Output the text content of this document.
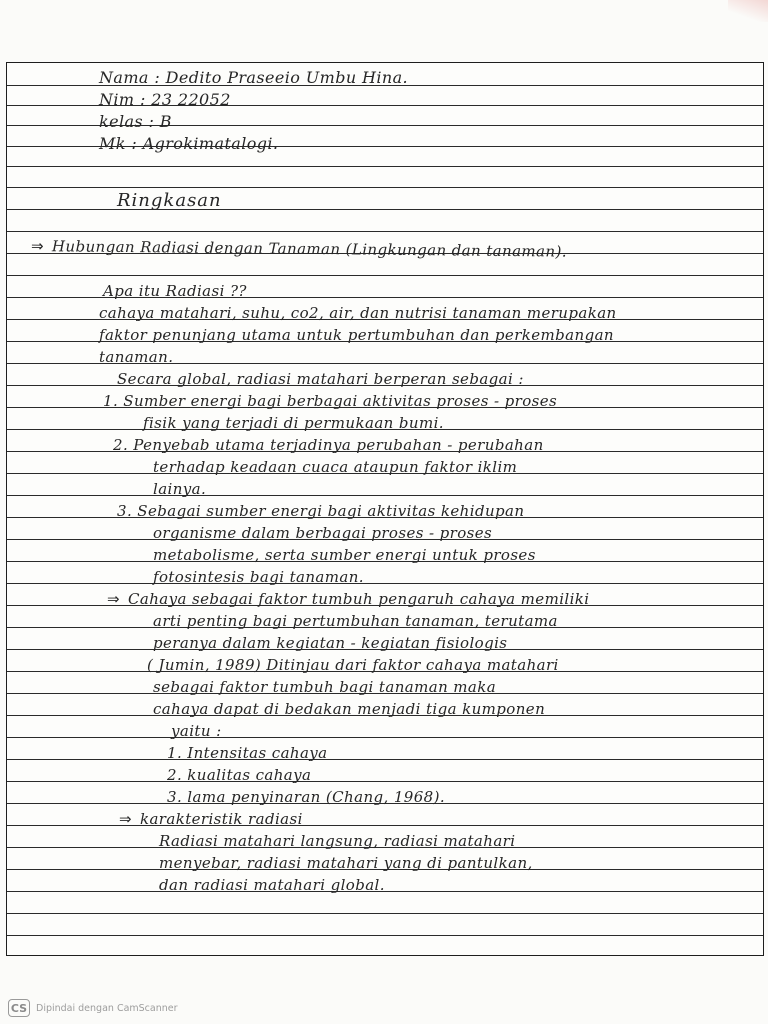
Nama : Dedito Praseeio Umbu Hina.
Nim : 23 22052
kelas : B
Mk : Agrokimatalogi.
Ringkasan
⇒ Hubungan Radiasi dengan Tanaman (Lingkungan dan tanaman).
Apa itu Radiasi ??
cahaya matahari, suhu, co2, air, dan nutrisi tanaman merupakan
faktor penunjang utama untuk pertumbuhan dan perkembangan
tanaman.
Secara global, radiasi matahari berperan sebagai :
1. Sumber energi bagi berbagai aktivitas proses - proses
fisik yang terjadi di permukaan bumi.
2. Penyebab utama terjadinya perubahan - perubahan
terhadap keadaan cuaca ataupun faktor iklim
lainya.
3. Sebagai sumber energi bagi aktivitas kehidupan
organisme dalam berbagai proses - proses
metabolisme, serta sumber energi untuk proses
fotosintesis bagi tanaman.
⇒ Cahaya sebagai faktor tumbuh pengaruh cahaya memiliki
arti penting bagi pertumbuhan tanaman, terutama
peranya dalam kegiatan - kegiatan fisiologis
( Jumin, 1989) Ditinjau dari faktor cahaya matahari
sebagai faktor tumbuh bagi tanaman maka
cahaya dapat di bedakan menjadi tiga kumponen
yaitu :
1. Intensitas cahaya
2. kualitas cahaya
3. lama penyinaran (Chang, 1968).
⇒ karakteristik radiasi
Radiasi matahari langsung, radiasi matahari
menyebar, radiasi matahari yang di pantulkan,
dan radiasi matahari global.
CS Dipindai dengan CamScanner
